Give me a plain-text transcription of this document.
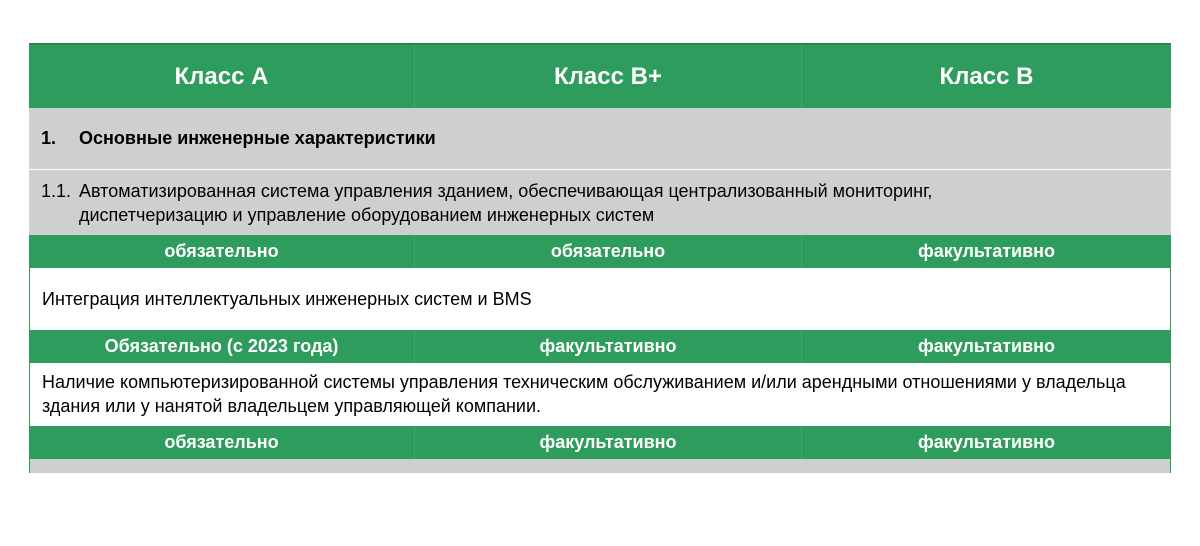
Класс А	Класс В+	Класс В
1.	Основные инженерные характеристики
1.1. Автоматизированная система управления зданием, обеспечивающая централизованный мониторинг, диспетчеризацию и управление оборудованием инженерных систем
обязательно	обязательно	факультативно
Интеграция интеллектуальных инженерных систем и BMS
Обязательно (с 2023 года)	факультативно	факультативно
Наличие компьютеризированной системы управления техническим обслуживанием и/или арендными отношениями у владельца здания или у нанятой владельцем управляющей компании.
обязательно	факультативно	факультативно
